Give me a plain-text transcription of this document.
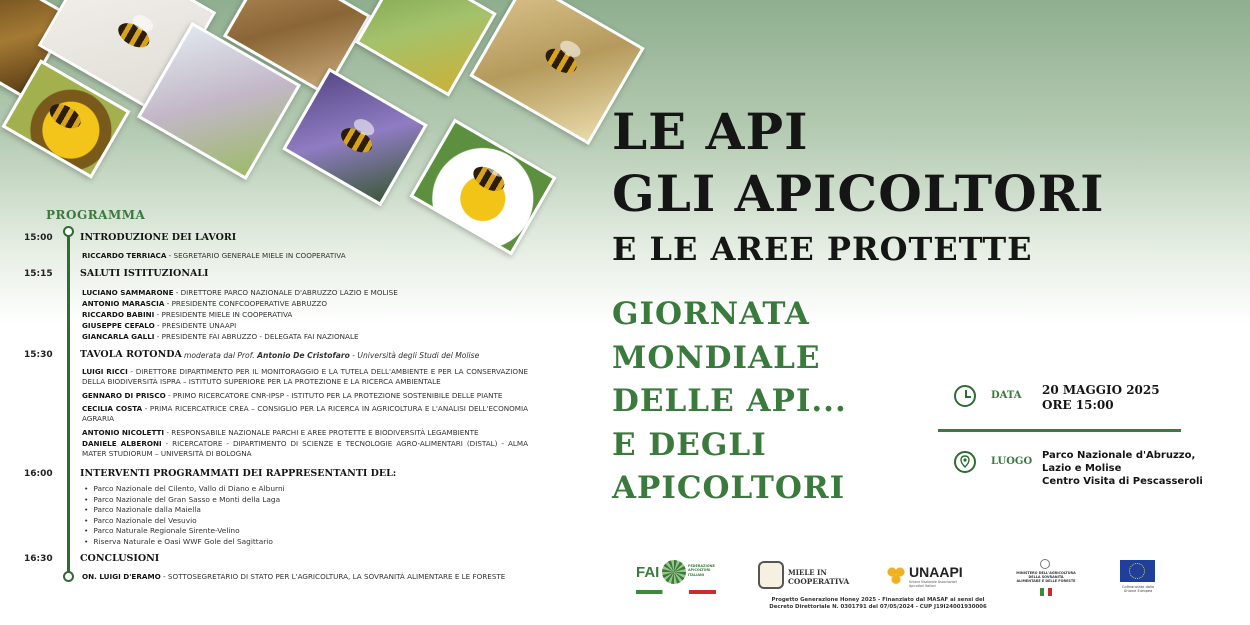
LE API
GLI APICOLTORI
E LE AREE PROTETTE
GIORNATA
MONDIALE
DELLE API...
E DEGLI
APICOLTORI
DATA 20 MAGGIO 2025
ORE 15:00
LUOGO
Parco Nazionale d'Abruzzo,
Lazio e Molise
Centro Visita di Pescasseroli
PROGRAMMA
15:00	INTRODUZIONE DEI LAVORI
RICCARDO TERRIACA - SEGRETARIO GENERALE MIELE IN COOPERATIVA
15:15	SALUTI ISTITUZIONALI
LUCIANO SAMMARONE - DIRETTORE PARCO NAZIONALE D'ABRUZZO LAZIO E MOLISE
ANTONIO MARASCIA - PRESIDENTE CONFCOOPERATIVE ABRUZZO
RICCARDO BABINI - PRESIDENTE MIELE IN COOPERATIVA
GIUSEPPE CEFALO - PRESIDENTE UNAAPI
GIANCARLA GALLI - PRESIDENTE FAI ABRUZZO - DELEGATA FAI NAZIONALE
15:30	TAVOLA ROTONDA moderata dal Prof. Antonio De Cristofaro - Università degli Studi del Molise
LUIGI RICCI - DIRETTORE DIPARTIMENTO PER IL MONITORAGGIO E LA TUTELA DELL'AMBIENTE E PER LA CONSERVAZIONE DELLA BIODIVERSITÀ ISPRA – ISTITUTO SUPERIORE PER LA PROTEZIONE E LA RICERCA AMBIENTALE
GENNARO DI PRISCO - PRIMO RICERCATORE CNR-IPSP - ISTITUTO PER LA PROTEZIONE SOSTENIBILE DELLE PIANTE
CECILIA COSTA - PRIMA RICERCATRICE CREA – CONSIGLIO PER LA RICERCA IN AGRICOLTURA E L'ANALISI DELL'ECONOMIA AGRARIA
ANTONIO NICOLETTI - RESPONSABILE NAZIONALE PARCHI E AREE PROTETTE E BIODIVERSITÀ LEGAMBIENTE
DANIELE ALBERONI - RICERCATORE - DIPARTIMENTO DI SCIENZE E TECNOLOGIE AGRO-ALIMENTARI (DISTAL) - ALMA MATER STUDIORUM – UNIVERSITÀ DI BOLOGNA
16:00	INTERVENTI PROGRAMMATI DEI RAPPRESENTANTI DEL:
• Parco Nazionale del Cilento, Vallo di Diano e Alburni
• Parco Nazionale del Gran Sasso e Monti della Laga
• Parco Nazionale dalla Maiella
• Parco Nazionale del Vesuvio
• Parco Naturale Regionale Sirente-Velino
• Riserva Naturale e Oasi WWF Gole del Sagittario
16:30	CONCLUSIONI
ON. LUIGI D'ERAMO - SOTTOSEGRETARIO DI STATO PER L'AGRICOLTURA, LA SOVRANITÀ ALIMENTARE E LE FORESTE	FAI	FEDERAZIONE APICOLTORI ITALIANI	MIELE IN
COOPERATIVA
UNAAPI
Unione Nazionale Associazioni Apicoltori Italiani
MINISTERO DELL'AGRICOLTURA DELLA SOVRANITÀ ALIMENTARE E DELLE FORESTE
Cofinanziato dalla Unione Europea
Progetto Generazione Honey 2025 - Finanziato dal MASAF ai sensi del
Decreto Direttoriale N. 0301791 del 07/05/2024 - CUP J19I24001930006
